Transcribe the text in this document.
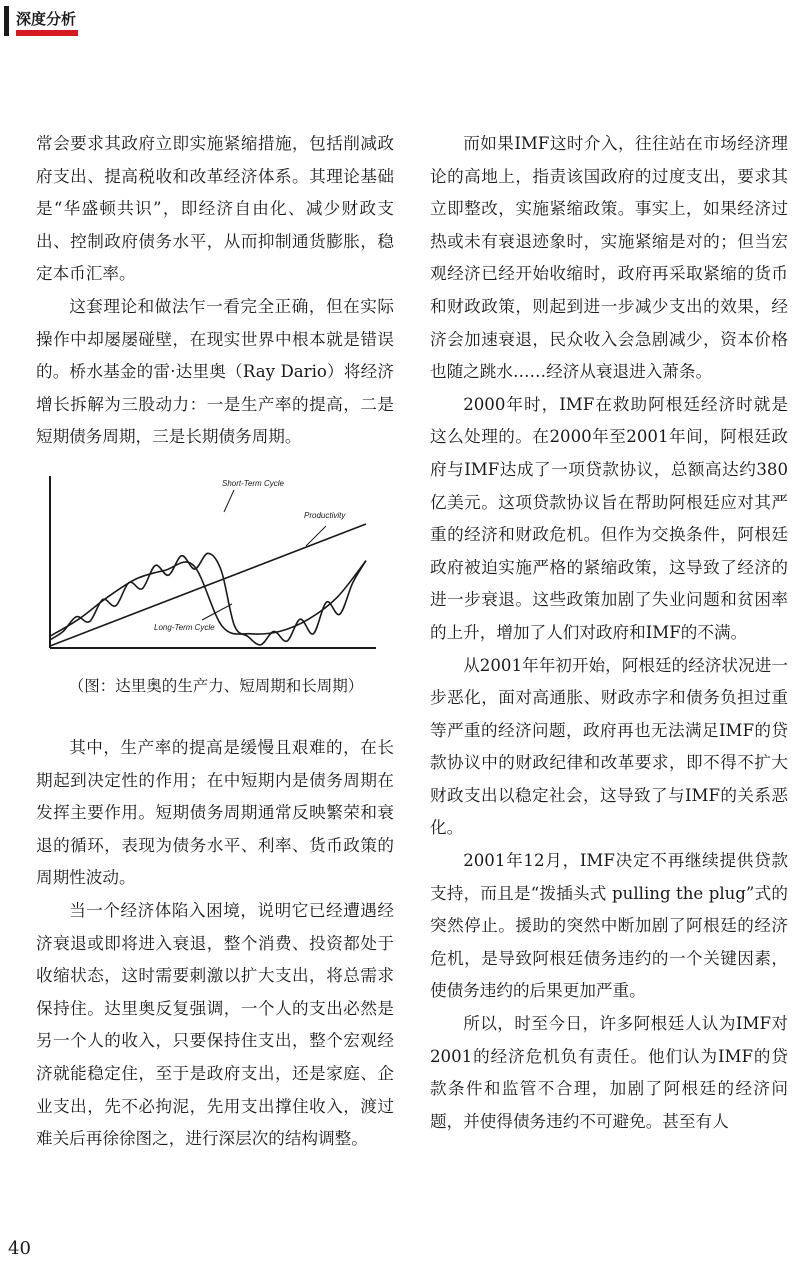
深度分析

常会要求其政府立即实施紧缩措施，包括削减政府支出、提高税收和改革经济体系。其理论基础是“华盛顿共识”，即经济自由化、减少财政支出、控制政府债务水平，从而抑制通货膨胀，稳定本币汇率。

这套理论和做法乍一看完全正确，但在实际操作中却屡屡碰壁，在现实世界中根本就是错误的。桥水基金的雷·达里奥（Ray Dario）将经济增长拆解为三股动力：一是生产率的提高，二是短期债务周期，三是长期债务周期。

Short-Term Cycle
Productivity
Long-Term Cycle
（图：达里奥的生产力、短周期和长周期）

其中，生产率的提高是缓慢且艰难的，在长期起到决定性的作用；在中短期内是债务周期在发挥主要作用。短期债务周期通常反映繁荣和衰退的循环，表现为债务水平、利率、货币政策的周期性波动。

当一个经济体陷入困境，说明它已经遭遇经济衰退或即将进入衰退，整个消费、投资都处于收缩状态，这时需要刺激以扩大支出，将总需求保持住。达里奥反复强调，一个人的支出必然是另一个人的收入，只要保持住支出，整个宏观经济就能稳定住，至于是政府支出，还是家庭、企业支出，先不必拘泥，先用支出撑住收入，渡过难关后再徐徐图之，进行深层次的结构调整。

而如果IMF这时介入，往往站在市场经济理论的高地上，指责该国政府的过度支出，要求其立即整改，实施紧缩政策。事实上，如果经济过热或未有衰退迹象时，实施紧缩是对的；但当宏观经济已经开始收缩时，政府再采取紧缩的货币和财政政策，则起到进一步减少支出的效果，经济会加速衰退，民众收入会急剧减少，资本价格也随之跳水……经济从衰退进入萧条。

2000年时，IMF在救助阿根廷经济时就是这么处理的。在2000年至2001年间，阿根廷政府与IMF达成了一项贷款协议，总额高达约380亿美元。这项贷款协议旨在帮助阿根廷应对其严重的经济和财政危机。但作为交换条件，阿根廷政府被迫实施严格的紧缩政策，这导致了经济的进一步衰退。这些政策加剧了失业问题和贫困率的上升，增加了人们对政府和IMF的不满。

从2001年年初开始，阿根廷的经济状况进一步恶化，面对高通胀、财政赤字和债务负担过重等严重的经济问题，政府再也无法满足IMF的贷款协议中的财政纪律和改革要求，即不得不扩大财政支出以稳定社会，这导致了与IMF的关系恶化。

2001年12月，IMF决定不再继续提供贷款支持，而且是“拨插头式 pulling the plug”式的突然停止。援助的突然中断加剧了阿根廷的经济危机，是导致阿根廷债务违约的一个关键因素，使债务违约的后果更加严重。

所以，时至今日，许多阿根廷人认为IMF对2001的经济危机负有责任。他们认为IMF的贷款条件和监管不合理，加剧了阿根廷的经济问题，并使得债务违约不可避免。甚至有人

40
